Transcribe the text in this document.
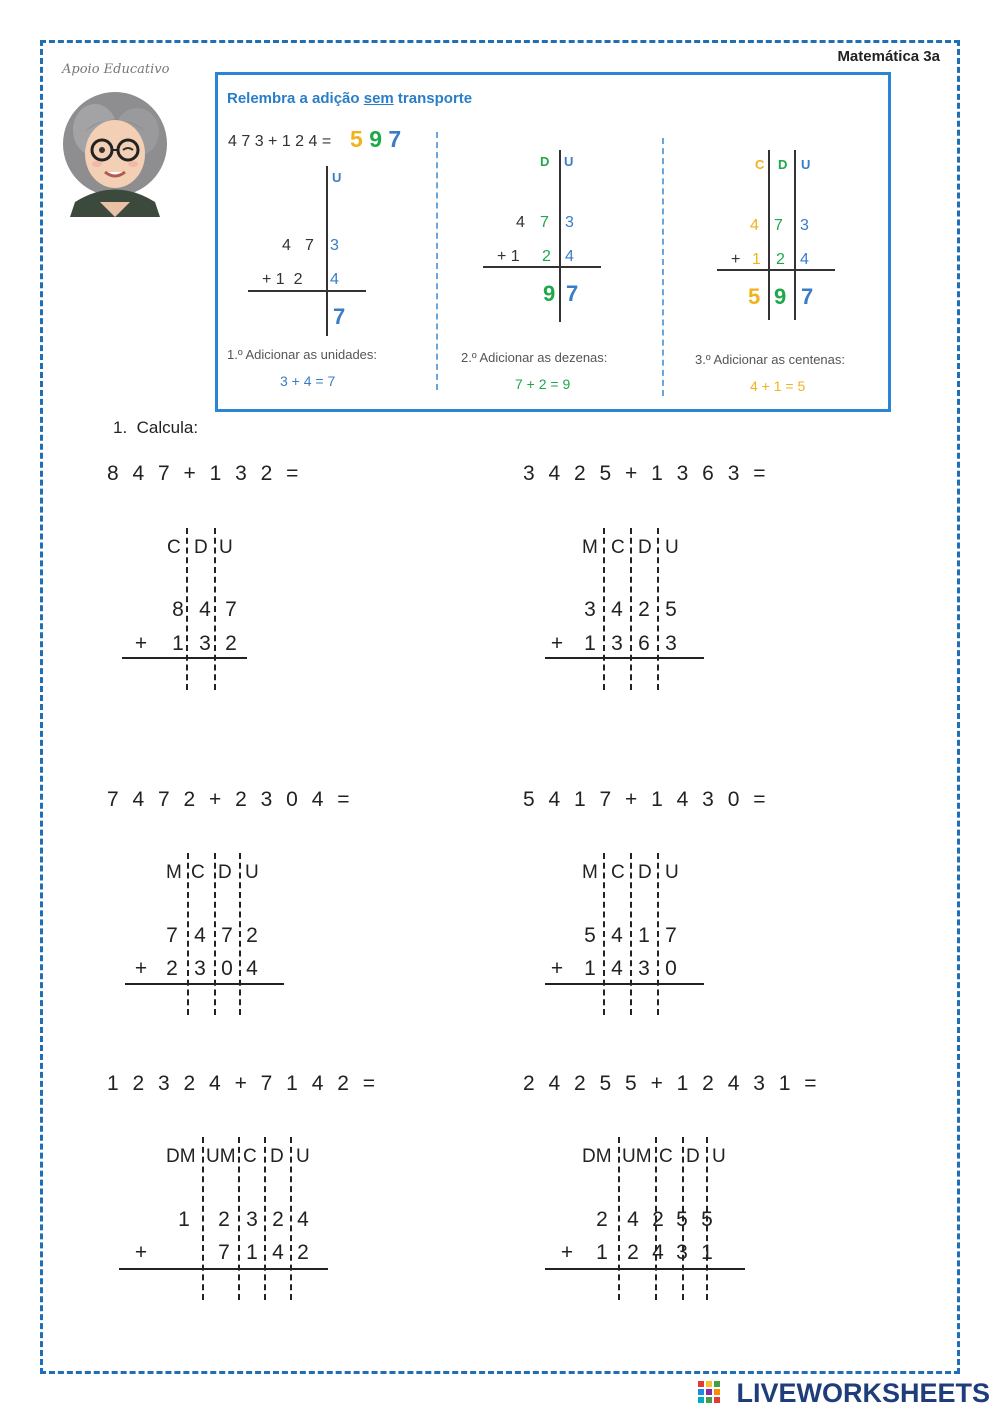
Matemática 3a
Apoio Educativo
Relembra a adição sem transporte
4 7 3 + 1 2 4 = 5 9 7
U
4 7 3
+ 1  2 4
7
1.º Adicionar as unidades:
3 + 4 = 7
D U
4 7 3
+ 1 2 4
9 7
2.º Adicionar as dezenas:
7 + 2 = 9
C D U
4 7 3
+ 1 2 4
5 9 7
3.º Adicionar as centenas:
4 + 1 = 5
1.  Calcula:
8 4 7 + 1 3 2 =
C D U
8 4 7
+	1 3 2
3 4 2 5 + 1 3 6 3 =
M C D U
3 4 2 5
+	1 3 6 3
7 4 7 2 + 2 3 0 4 =
M C D U
7 4 7 2
+ 2 3 0 4
5 4 1 7 + 1 4 3 0 =
M C D U
5 4 1 7
+	1 4 3 0
1 2 3 2 4 + 7 1 4 2 =
DM UM C D U
1	2 3 2 4
+	7 1 4 2
2 4 2 5 5 + 1 2 4 3 1 =
DM UM C D U
2 4 2 5 5
+	1 2 4 3 1
LIVEWORKSHEETS
